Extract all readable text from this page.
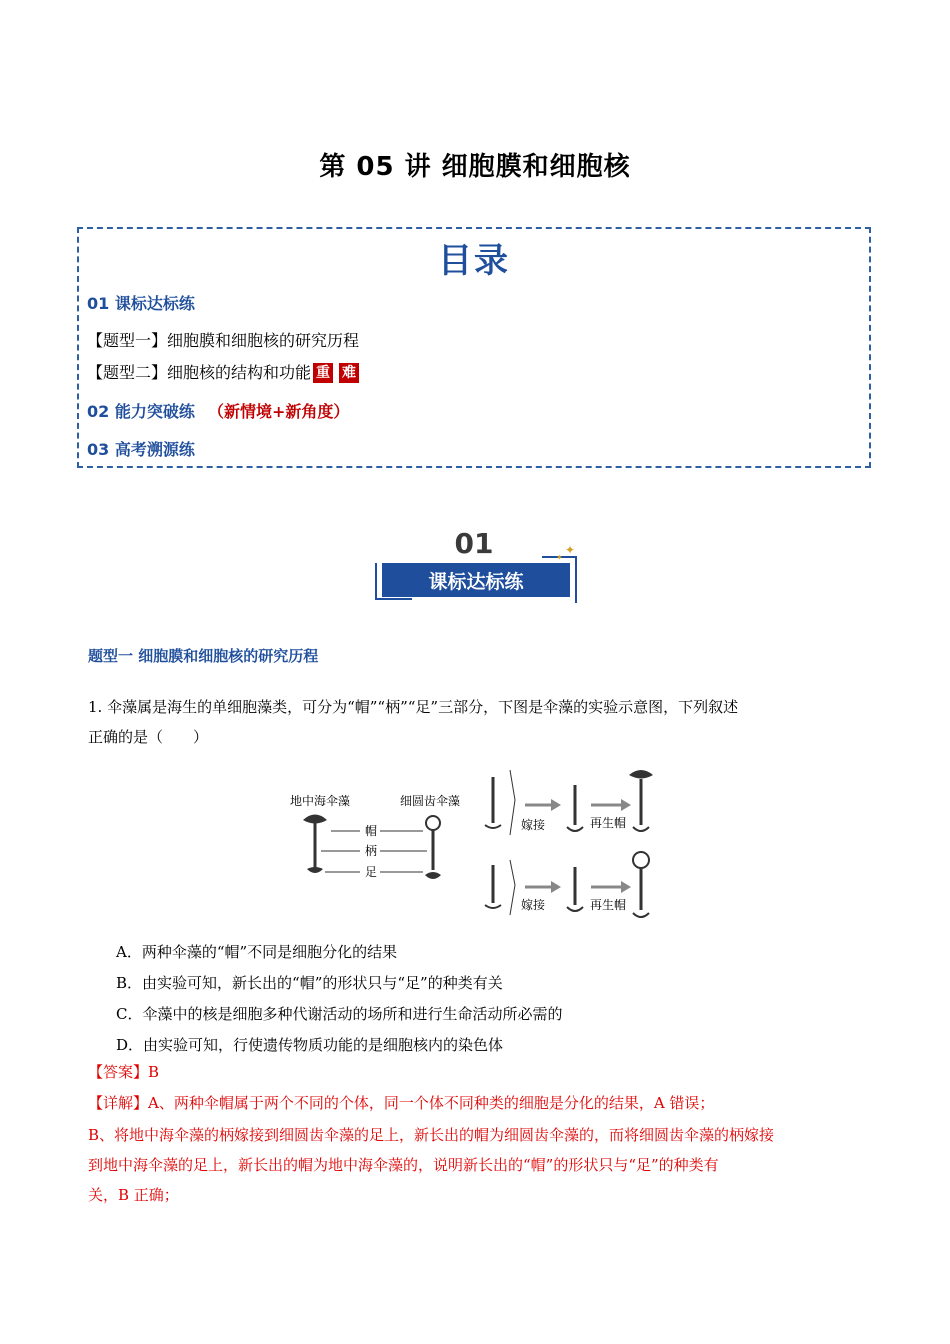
第 05 讲 细胞膜和细胞核
目录
01 课标达标练
【题型一】细胞膜和细胞核的研究历程
【题型二】细胞核的结构和功能 重 难
02 能力突破练 （新情境+新角度）
03 高考溯源练
01
课标达标练
✦
✦
题型一 细胞膜和细胞核的研究历程
1. 伞藻属是海生的单细胞藻类，可分为“帽”“柄”“足”三部分，下图是伞藻的实验示意图，下列叙述
正确的是（　　）
地中海伞藻	细圆齿伞藻
帽
柄
足
嫁接	再生帽
嫁接	再生帽
A．两种伞藻的“帽”不同是细胞分化的结果
B．由实验可知，新长出的“帽”的形状只与“足”的种类有关
C．伞藻中的核是细胞多种代谢活动的场所和进行生命活动所必需的
D．由实验可知，行使遗传物质功能的是细胞核内的染色体
【答案】B
【详解】A、两种伞帽属于两个不同的个体，同一个体不同种类的细胞是分化的结果，A 错误；
B、将地中海伞藻的柄嫁接到细圆齿伞藻的足上，新长出的帽为细圆齿伞藻的，而将细圆齿伞藻的柄嫁接
到地中海伞藻的足上，新长出的帽为地中海伞藻的，说明新长出的“帽”的形状只与“足”的种类有
关，B 正确；
